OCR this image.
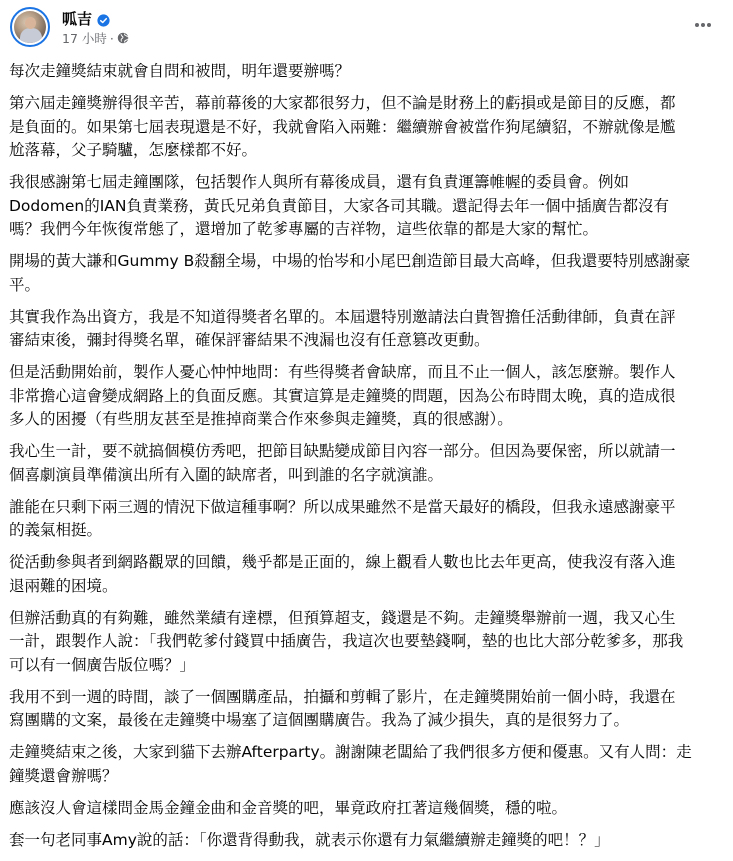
呱吉
17 小時 ·

每次走鐘獎結束就會自問和被問，明年還要辦嗎？

第六屆走鐘獎辦得很辛苦，幕前幕後的大家都很努力，但不論是財務上的虧損或是節目的反應，都
是負面的。如果第七屆表現還是不好，我就會陷入兩難：繼續辦會被當作狗尾續貂，不辦就像是尷
尬落幕，父子騎驢，怎麼樣都不好。

我很感謝第七屆走鐘團隊，包括製作人與所有幕後成員，還有負責運籌帷幄的委員會。例如
Dodomen的IAN負責業務，黃氏兄弟負責節目，大家各司其職。還記得去年一個中插廣告都沒有
嗎？我們今年恢復常態了，還增加了乾爹專屬的吉祥物，這些依靠的都是大家的幫忙。

開場的黃大謙和Gummy B殺翻全場，中場的怡岑和小尾巴創造節目最大高峰，但我還要特別感謝豪
平。

其實我作為出資方，我是不知道得獎者名單的。本屆還特別邀請法白貴智擔任活動律師，負責在評
審結束後，彌封得獎名單，確保評審結果不洩漏也沒有任意篡改更動。

但是活動開始前，製作人憂心忡忡地問：有些得獎者會缺席，而且不止一個人，該怎麼辦。製作人
非常擔心這會變成網路上的負面反應。其實這算是走鐘獎的問題，因為公布時間太晚，真的造成很
多人的困擾（有些朋友甚至是推掉商業合作來參與走鐘獎，真的很感謝）。

我心生一計，要不就搞個模仿秀吧，把節目缺點變成節目內容一部分。但因為要保密，所以就請一
個喜劇演員準備演出所有入圍的缺席者，叫到誰的名字就演誰。

誰能在只剩下兩三週的情況下做這種事啊？所以成果雖然不是當天最好的橋段，但我永遠感謝豪平
的義氣相挺。

從活動參與者到網路觀眾的回饋，幾乎都是正面的，線上觀看人數也比去年更高，使我沒有落入進
退兩難的困境。

但辦活動真的有夠難，雖然業績有達標，但預算超支，錢還是不夠。走鐘獎舉辦前一週，我又心生
一計，跟製作人說：「我們乾爹付錢買中插廣告，我這次也要墊錢啊，墊的也比大部分乾爹多，那我
可以有一個廣告版位嗎？」

我用不到一週的時間，談了一個團購產品，拍攝和剪輯了影片，在走鐘獎開始前一個小時，我還在
寫團購的文案，最後在走鐘獎中場塞了這個團購廣告。我為了減少損失，真的是很努力了。

走鐘獎結束之後，大家到貓下去辦Afterparty。謝謝陳老闆給了我們很多方便和優惠。又有人問：走
鐘獎還會辦嗎？

應該沒人會這樣問金馬金鐘金曲和金音獎的吧，畢竟政府扛著這幾個獎，穩的啦。

套一句老同事Amy說的話：「你還背得動我，就表示你還有力氣繼續辦走鐘獎的吧！？」
